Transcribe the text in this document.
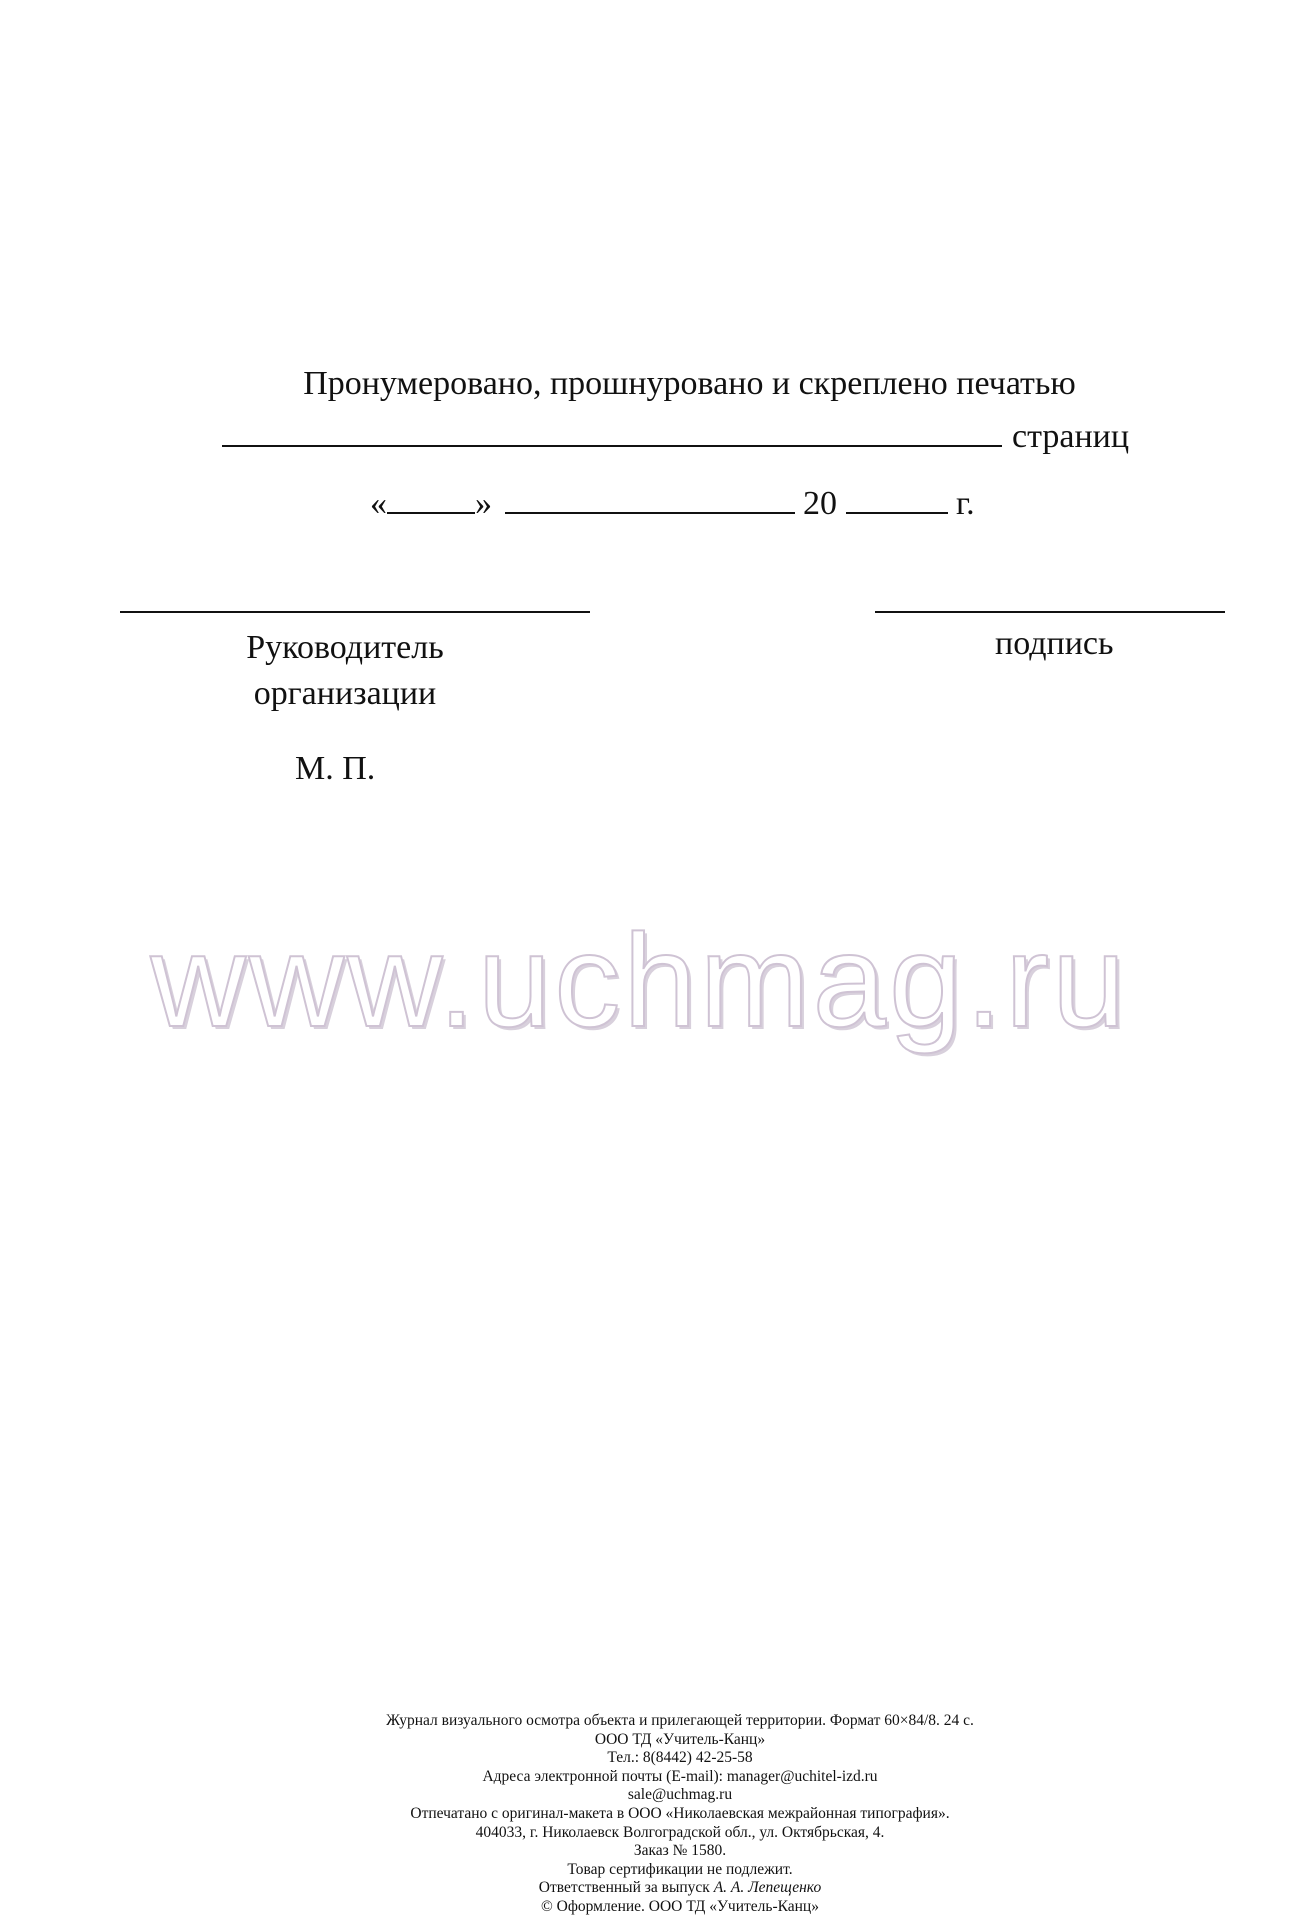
Пронумеровано, прошнуровано и скреплено печатью
страниц
«	»	20	г.
Руководитель организации
подпись
М. П.
www.uchmag.ru
Журнал визуального осмотра объекта и прилегающей территории. Формат 60×84/8. 24 с.
ООО ТД «Учитель-Канц»
Тел.: 8(8442) 42-25-58
Адреса электронной почты (E-mail): manager@uchitel-izd.ru
sale@uchmag.ru
Отпечатано с оригинал-макета в ООО «Николаевская межрайонная типография».
404033, г. Николаевск Волгоградской обл., ул. Октябрьская, 4.
Заказ № 1580.
Товар сертификации не подлежит.
Ответственный за выпуск А. А. Лепещенко
© Оформление. ООО ТД «Учитель-Канц»
